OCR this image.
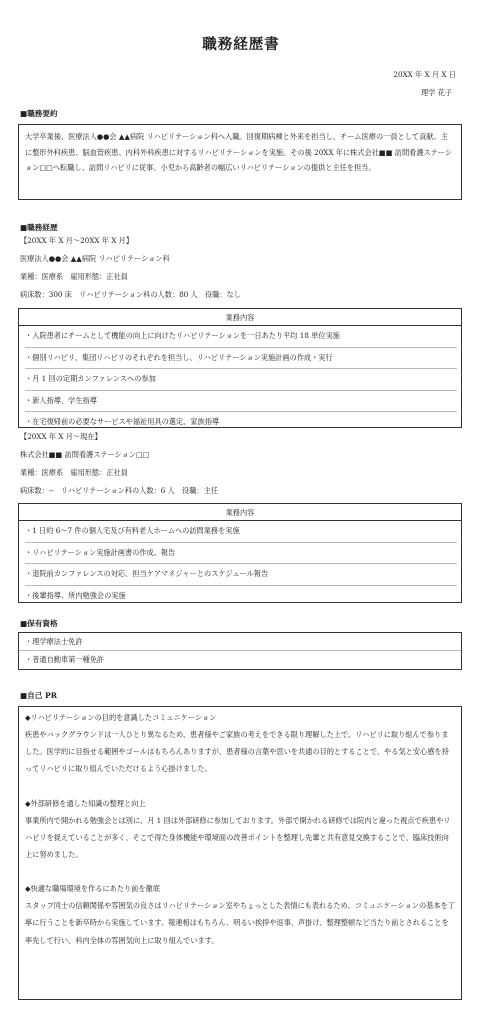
職務経歴書
20XX 年 X 月 X 日
理学 花子
■職務要約
大学卒業後、医療法人●●会 ▲▲病院 リハビリテーション科へ入職。回復期病棟と外来を担当し、チーム医療の一員として貢献。主に整形外科疾患、脳血管疾患、内科外科疾患に対するリハビリテーションを実施。その後 20XX 年に株式会社■■ 訪問看護ステーション□□へ転職し、訪問リハビリに従事。小児から高齢者の幅広いリハビリテーションの提供と主任を担当。
■職務経歴
【20XX 年 X 月～20XX 年 X 月】
医療法人●●会 ▲▲病院 リハビリテーション科
業種：医療系　雇用形態：正社員
病床数：300 床　リハビリテーション科の人数：80 人　役職：なし
業務内容
・入院患者にチームとして機能の向上に向けたリハビリテーションを一日あたり平均 18 単位実施
・個別リハビリ、集団リハビリのそれぞれを担当し、リハビリテーション実施計画の作成・実行
・月 1 回の定期カンファレンスへの参加
・新人指導、学生指導
・在宅復帰前の必要なサービスや福祉用具の選定、家族指導
【20XX 年 X 月～現在】
株式会社■■ 訪問看護ステーション□□
業種：医療系　雇用形態：正社員
病床数：--　リハビリテーション科の人数：6 人　役職：主任
業務内容
・1 日約 6～7 件の個人宅及び有料老人ホームへの訪問業務を実施
・リハビリテーション実施計画書の作成、報告
・退院前カンファレンスの対応、担当ケアマネジャーとのスケジュール報告
・後輩指導、所内勉強会の実施
■保有資格
・理学療法士免許
・普通自動車第一種免許
■自己 PR
◆リハビリテーションの目的を意識したコミュニケーション
疾患やバックグラウンドは一人ひとり異なるため、患者様やご家族の考えをできる限り理解した上で、リハビリに取り組んで参りました。医学的に目指せる範囲やゴールはもちろんありますが、患者様の言葉や思いを共通の目的とすることで、やる気と安心感を持ってリハビリに取り組んでいただけるよう心掛けました。
◆外部研修を通した知識の整理と向上
事業所内で開かれる勉強会とは別に、月 1 回は外部研修に参加しております。外部で開かれる研修では院内と違った視点で疾患やリハビリを捉えていることが多く、そこで得た身体機能や環境面の改善ポイントを整理し先輩と共有意見交換することで、臨床技術向上に努めました。
◆快適な職場環境を作るにあたり前を徹底
スタッフ同士の信頼関係や雰囲気の良さはリハビリテーション室やちょっとした表情にも表れるため、コミュニケーションの基本を丁寧に行うことを新卒時から実施しています。報連相はもちろん、明るい挨拶や返事、声掛け、整理整頓など当たり前とされることを率先して行い、科内全体の雰囲気向上に取り組んでいます。
